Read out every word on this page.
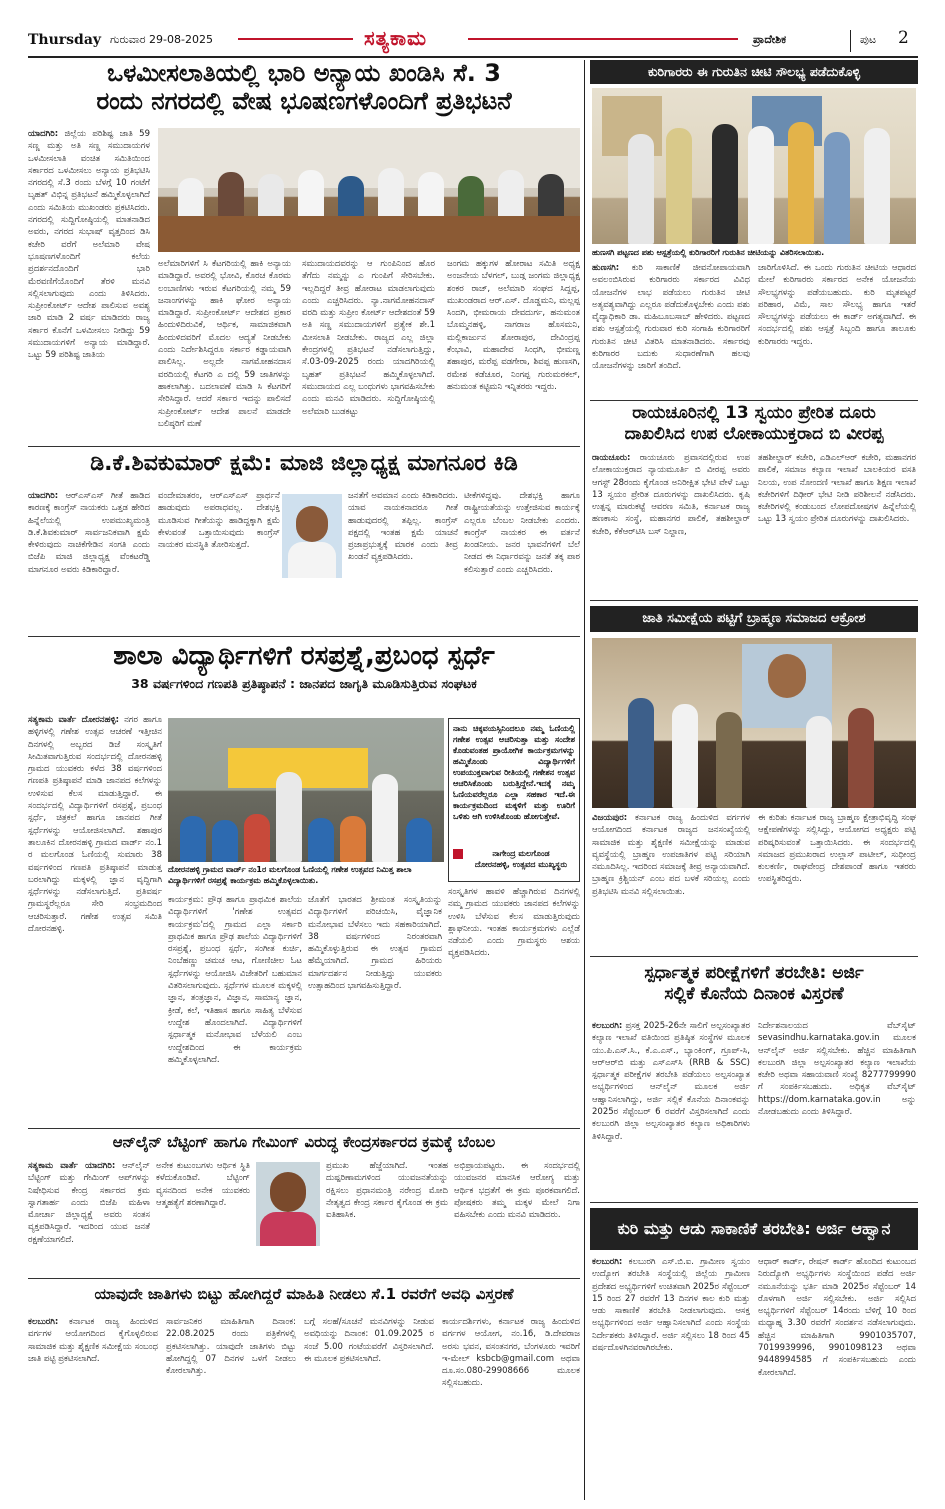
Thursday ಗುರುವಾರ 29-08-2025	ಸತ್ಯಕಾಮ	ಪ್ರಾದೇಶಿಕ	ಪುಟ 2
ಒಳಮೀಸಲಾತಿಯಲ್ಲಿ ಭಾರಿ ಅನ್ಯಾಯ ಖಂಡಿಸಿ ಸೆ. 3
ರಂದು ನಗರದಲ್ಲಿ ವೇಷ ಭೂಷಣಗಳೊಂದಿಗೆ ಪ್ರತಿಭಟನೆ
ಯಾದಗಿರಿ: ಜಿಲ್ಲೆಯ ಪರಿಶಿಷ್ಟ ಜಾತಿ 59 ಸಣ್ಣ ಮತ್ತು ಅತಿ ಸಣ್ಣ ಸಮುದಾಯಗಳ ಒಳಮೀಸಲಾತಿ ವಂಚಿತ ಸಮಿತಿಯಿಂದ ಸರ್ಕಾರದ ಒಳಮೀಸಲು ಅನ್ಯಾಯ ಪ್ರತಿಭಟಿಸಿ ನಗರದಲ್ಲಿ ಸೆ.3 ರಂದು ಬೆಳಗ್ಗೆ 10 ಗಂಟೆಗೆ ಬೃಹತ್ ವಿಭಿನ್ನ ಪ್ರತಿಭಟನೆ ಹಮ್ಮಿಕೊಳ್ಳಲಾಗಿದೆ ಎಂದು ಸಮಿತಿಯ ಮುಖಂಡರು ಪ್ರಕಟಿಸಿದರು. ನಗರದಲ್ಲಿ ಸುದ್ದಿಗೋಷ್ಠಿಯಲ್ಲಿ ಮಾತನಾಡಿದ ಅವರು, ನಗರದ ಸುಭಾಷ್ ವೃತ್ತದಿಂದ ಡಿಸಿ ಕಚೇರಿ ವರೆಗೆ ಅಲೆಮಾರಿ ವೇಷ ಭೂಷಣಗಳೊಂದಿಗೆ ಕಲೆಯ ಪ್ರದರ್ಶನದೊಂದಿಗೆ ಭಾರಿ ಮೆರವಣಿಗೆಯೊಂದಿಗೆ ತೆರಳಿ ಮನವಿ ಸಲ್ಲಿಸಲಾಗುವುದು ಎಂದು ತಿಳಿಸಿದರು. ಸುಪ್ರೀಂಕೋರ್ಟ್ ಆದೇಶ ಪಾಲಿಸುವ ಅವಶ್ಯ ಜಾರಿ ಮಾಡಿ 2 ವರ್ಷ ಮಾಡಿದರು ರಾಜ್ಯ ಸರ್ಕಾರ ಕೊನೆಗೆ ಒಳಮೀಸಲು ನೀಡಿದ್ದು 59 ಸಮುದಾಯಗಳಿಗೆ ಅನ್ಯಾಯ ಮಾಡಿದ್ದಾರೆ. ಒಟ್ಟು 59 ಪರಿಶಿಷ್ಟ ಜಾತಿಯ
ಅಲೆಮಾರಿಗಳಿಗೆ ಸಿ ಕೆಟಗರಿಯಲ್ಲಿ ಹಾಕಿ ಅನ್ಯಾಯ ಮಾಡಿದ್ದಾರೆ. ಅವರಲ್ಲಿ ಭೋವಿ, ಕೊರಚ ಕೊರಮ ಲಂಬಾಣಿಗಳು ಇರುವ ಕೆಟಗರಿಯಲ್ಲಿ ನಮ್ಮ 59 ಜನಾಂಗಗಳನ್ನು ಹಾಕಿ ಘೋರ ಅನ್ಯಾಯ ಮಾಡಿದ್ದಾರೆ. ಸುಪ್ರೀಂಕೋರ್ಟ್ ಆದೇಶದ ಪ್ರಕಾರ ಹಿಂದುಳಿದಿರುವಿಕೆ, ಆರ್ಥಿಕ, ಸಾಮಾಜಿಕವಾಗಿ ಹಿಂದುಳಿದವರಿಗೆ ಮೊದಲ ಆದ್ಯತೆ ನೀಡಬೇಕು ಎಂದು ನಿರ್ದೇಶಿಸಿದ್ದರೂ ಸರ್ಕಾರ ಕಡ್ಡಾಯವಾಗಿ ಪಾಲಿಸಿಲ್ಲ. ಅಲ್ಲದೇ ನಾಗಮೋಹನದಾಸ ವರದಿಯಲ್ಲಿ ಕೆಟಗರಿ ಎ ದಲ್ಲಿ 59 ಜಾತಿಗಳನ್ನು ಹಾಕಲಾಗಿತ್ತು. ಬದಲಾವಣೆ ಮಾಡಿ ಸಿ ಕೆಟಗರಿಗೆ ಸೇರಿಸಿದ್ದಾರೆ. ಆದರೆ ಸರ್ಕಾರ ಇದನ್ನು ಪಾಲಿಸದೆ ಸುಪ್ರೀಂಕೋರ್ಟ್ ಆದೇಶ ಪಾಲನೆ ಮಾಡದೇ ಬಲಿಷ್ಠರಿಗೆ ಮಣೆ
ಸಮುದಾಯದವರನ್ನು ಆ ಗುಂಪಿನಿಂದ ಹೊರ ತೆಗೆದು ನಮ್ಮನ್ನು ಎ ಗುಂಪಿಗೆ ಸೇರಿಸಬೇಕು. ಇಲ್ಲದಿದ್ದರೆ ತೀವ್ರ ಹೋರಾಟ ಮಾಡಲಾಗುವುದು ಎಂದು ಎಚ್ಚರಿಸಿದರು. ನ್ಯಾ.ನಾಗಮೋಹನದಾಸ್ ವರದಿ ಮತ್ತು ಸುಪ್ರೀಂ ಕೋರ್ಟ್ ಆದೇಶದಂತೆ 59 ಅತಿ ಸಣ್ಣ ಸಮುದಾಯಗಳಿಗೆ ಪ್ರತ್ಯೇಕ ಶೇ.1 ಮೀಸಲಾತಿ ನೀಡಬೇಕು. ರಾಜ್ಯದ ಎಲ್ಲ ಜಿಲ್ಲಾ ಕೇಂದ್ರಗಳಲ್ಲಿ ಪ್ರತಿಭಟನೆ ನಡೆಸಲಾಗುತ್ತಿದ್ದು, ಸೆ.03-09-2025 ರಂದು ಯಾದಗಿರಿಯಲ್ಲಿ ಬೃಹತ್ ಪ್ರತಿಭಟನೆ ಹಮ್ಮಿಕೊಳ್ಳಲಾಗಿದೆ. ಸಮುದಾಯದ ಎಲ್ಲ ಬಂಧುಗಳು ಭಾಗವಹಿಸಬೇಕು ಎಂದು ಮನವಿ ಮಾಡಿದರು. ಸುದ್ದಿಗೋಷ್ಠಿಯಲ್ಲಿ ಅಲೆಮಾರಿ ಬುಡಕಟ್ಟು
ಜಂಗಮ ಹಕ್ಕುಗಳ ಹೋರಾಟ ಸಮಿತಿ ಅಧ್ಯಕ್ಷ ಅಂಜನೇಯ ಬೆಳಗಲ್, ಬುಡ್ಗ ಜಂಗಮ ಜಿಲ್ಲಾಧ್ಯಕ್ಷ ಶಂಕರ ರಾಜ್, ಅಲೆಮಾರಿ ಸಂಘದ ಸಿದ್ದಪ್ಪ, ಮುಖಂಡರಾದ ಆರ್.ಎಸ್. ದೊಡ್ಡಮನಿ, ಮಲ್ಲಪ್ಪ ಸಿಂದಗಿ, ಭೀಮರಾಯ ದೇವದುರ್ಗ, ಹನುಮಂತ ಬೊಮ್ಮನಹಳ್ಳಿ, ನಾಗರಾಜ ಹೊಸಮನಿ, ಮಲ್ಲಿಕಾರ್ಜುನ ಶೋರಾಪುರ, ದೇವಿಂದ್ರಪ್ಪ ಕೆಂಭಾವಿ, ಮಹಾದೇವ ಸಿಂಧಗಿ, ಭೀಮಣ್ಣ ಶಹಾಪುರ, ಮರೆಪ್ಪ ವಡಗೇರಾ, ಶಿವಪ್ಪ ಹುಣಸಗಿ, ರಮೇಶ ಕಡೆಚೂರ, ನಿಂಗಪ್ಪ ಗುರುಮಠಕಲ್, ಹನುಮಂತ ಕಟ್ಟಿಮನಿ ಇನ್ನಿತರರು ಇದ್ದರು.
ಕುರಿಗಾರರು ಈ ಗುರುತಿನ ಚೀಟಿ ಸೌಲಭ್ಯ ಪಡೆದುಕೊಳ್ಳಿ
ಹುಣಸಗಿ ಪಟ್ಟಣದ ಪಶು ಆಸ್ಪತ್ರೆಯಲ್ಲಿ ಕುರಿಗಾರರಿಗೆ ಗುರುತಿನ ಚೀಟಿಯನ್ನು ವಿತರಿಸಲಾಯಿತು.
ಹುಣಸಗಿ: ಕುರಿ ಸಾಕಾಣಿಕೆ ಜೀವನೋಪಾಯವಾಗಿ ಅವಲಂಬಿಸಿರುವ ಕುರಿಗಾರರು ಸರ್ಕಾರದ ವಿವಿಧ ಯೋಜನೆಗಳ ಲಾಭ ಪಡೆಯಲು ಗುರುತಿನ ಚೀಟಿ ಅತ್ಯವಶ್ಯವಾಗಿದ್ದು ಎಲ್ಲರೂ ಪಡೆದುಕೊಳ್ಳಬೇಕು ಎಂದು ಪಶು ವೈದ್ಯಾಧಿಕಾರಿ ಡಾ. ಮಹಿಬೂಬಸಾಬ್ ಹೇಳಿದರು. ಪಟ್ಟಣದ ಪಶು ಆಸ್ಪತ್ರೆಯಲ್ಲಿ ಗುರುವಾರ ಕುರಿ ಸಂಗಾಹಿ ಕುರಿಗಾರರಿಗೆ ಗುರುತಿನ ಚೀಟಿ ವಿತರಿಸಿ ಮಾತನಾಡಿದರು. ಸರ್ಕಾರವು ಕುರಿಗಾರರ ಬದುಕು ಸುಧಾರಣೆಗಾಗಿ ಹಲವು ಯೋಜನೆಗಳನ್ನು ಜಾರಿಗೆ ತಂದಿದೆ.
ಜಾರಿಗೊಳಿಸಿದೆ. ಈ ಒಂದು ಗುರುತಿನ ಚೀಟಿಯ ಆಧಾರದ ಮೇಲೆ ಕುರಿಗಾರರು ಸರ್ಕಾರದ ಅನೇಕ ಯೋಜನೆಯ ಸೌಲಭ್ಯಗಳನ್ನು ಪಡೆಯಬಹುದು. ಕುರಿ ಮೃತಪಟ್ಟರೆ ಪರಿಹಾರ, ವಿಮೆ, ಸಾಲ ಸೌಲಭ್ಯ ಹಾಗೂ ಇತರೆ ಸೌಲಭ್ಯಗಳನ್ನು ಪಡೆಯಲು ಈ ಕಾರ್ಡ್ ಅಗತ್ಯವಾಗಿದೆ. ಈ ಸಂದರ್ಭದಲ್ಲಿ ಪಶು ಆಸ್ಪತ್ರೆ ಸಿಬ್ಬಂದಿ ಹಾಗೂ ತಾಲೂಕು ಕುರಿಗಾರರು ಇದ್ದರು.
ರಾಯಚೂರಿನಲ್ಲಿ 13 ಸ್ವಯಂ ಪ್ರೇರಿತ ದೂರು
ದಾಖಲಿಸಿದ ಉಪ ಲೋಕಾಯುಕ್ತರಾದ ಬಿ ವೀರಪ್ಪ
ರಾಯಚೂರು: ರಾಯಚೂರು ಪ್ರವಾಸದಲ್ಲಿರುವ ಉಪ ಲೋಕಾಯುಕ್ತರಾದ ನ್ಯಾಯಮೂರ್ತಿ ಬಿ ವೀರಪ್ಪ ಅವರು ಆಗಸ್ಟ್ 28ರಂದು ಕೈಗೊಂಡ ಅನಿರೀಕ್ಷಿತ ಭೇಟಿ ವೇಳೆ ಒಟ್ಟು 13 ಸ್ವಯಂ ಪ್ರೇರಿತ ದೂರುಗಳನ್ನು ದಾಖಲಿಸಿದರು. ಕೃಷಿ ಉತ್ಪನ್ನ ಮಾರುಕಟ್ಟೆ ಆವರಣ ಸಮಿತಿ, ಕರ್ನಾಟಕ ರಾಜ್ಯ ಹಣಕಾಸು ಸಂಸ್ಥೆ, ಮಹಾನಗರ ಪಾಲಿಕೆ, ತಹಶೀಲ್ದಾರ್ ಕಚೇರಿ, ಕೆಕೆಆರ್‌ಟಿಸಿ ಬಸ್ ನಿಲ್ದಾಣ,
ತಹಶೀಲ್ದಾರ್ ಕಚೇರಿ, ಎಡಿಎಲ್‌ಆರ್ ಕಚೇರಿ, ಮಹಾನಗರ ಪಾಲಿಕೆ, ಸಮಾಜ ಕಲ್ಯಾಣ ಇಲಾಖೆ ಬಾಲಕಿಯರ ವಸತಿ ನಿಲಯ, ಉಪ ನೋಂದಣಿ ಇಲಾಖೆ ಹಾಗೂ ಶಿಕ್ಷಣ ಇಲಾಖೆ ಕಚೇರಿಗಳಿಗೆ ದಿಢೀರ್ ಭೇಟಿ ನೀಡಿ ಪರಿಶೀಲನೆ ನಡೆಸಿದರು. ಕಚೇರಿಗಳಲ್ಲಿ ಕಂಡುಬಂದ ಲೋಪದೋಷಗಳ ಹಿನ್ನೆಲೆಯಲ್ಲಿ ಒಟ್ಟು 13 ಸ್ವಯಂ ಪ್ರೇರಿತ ದೂರುಗಳನ್ನು ದಾಖಲಿಸಿದರು.
ಡಿ.ಕೆ.ಶಿವಕುಮಾರ್ ಕ್ಷಮೆ: ಮಾಜಿ ಜಿಲ್ಲಾಧ್ಯಕ್ಷ ಮಾಗನೂರ ಕಿಡಿ
ಯಾದಗಿರಿ: ಆರ್‌ಎಸ್‌ಎಸ್ ಗೀತೆ ಹಾಡಿದ ಕಾರಣಕ್ಕೆ ಕಾಂಗ್ರೆಸ್ ನಾಯಕರು ಒತ್ತಡ ಹೇರಿದ ಹಿನ್ನೆಲೆಯಲ್ಲಿ ಉಪಮುಖ್ಯಮಂತ್ರಿ ಡಿ.ಕೆ.ಶಿವಕುಮಾರ್ ಸಾರ್ವಜನಿಕವಾಗಿ ಕ್ಷಮೆ ಕೇಳಿರುವುದು ನಾಚಿಕೆಗೇಡಿನ ಸಂಗತಿ ಎಂದು ಬಿಜೆಪಿ ಮಾಜಿ ಜಿಲ್ಲಾಧ್ಯಕ್ಷ ವೆಂಕಟರೆಡ್ಡಿ ಮಾಗನೂರ ಅವರು ಕಿಡಿಕಾರಿದ್ದಾರೆ.
ವಂದೇಮಾತರಂ, ಆರ್‌ಎಸ್‌ಎಸ್ ಪ್ರಾರ್ಥನೆ ಹಾಡುವುದು ಅಪರಾಧವಲ್ಲ. ದೇಶಭಕ್ತಿ ಮೂಡಿಸುವ ಗೀತೆಯನ್ನು ಹಾಡಿದ್ದಕ್ಕಾಗಿ ಕ್ಷಮೆ ಕೇಳುವಂತೆ ಒತ್ತಾಯಿಸುವುದು ಕಾಂಗ್ರೆಸ್ ನಾಯಕರ ಮನಸ್ಥಿತಿ ತೋರಿಸುತ್ತದೆ.
ಜನತೆಗೆ ಅವಮಾನ ಎಂದು ಕಿಡಿಕಾರಿದರು. ಯಾವ ನಾಯಕನಾದರೂ ಗೀತೆ ಹಾಡುವುದರಲ್ಲಿ ತಪ್ಪಿಲ್ಲ. ಕಾಂಗ್ರೆಸ್ ಪಕ್ಷದಲ್ಲಿ ಇಂತಹ ಕ್ಷಮೆ ಯಾಚನೆ ಪ್ರಜಾಪ್ರಭುತ್ವಕ್ಕೆ ಮಾರಕ ಎಂದು ತೀವ್ರ ಖಂಡನೆ ವ್ಯಕ್ತಪಡಿಸಿದರು.
ಟೀಕೆಗಳಿದ್ದವು. ದೇಶಭಕ್ತಿ ಹಾಗೂ ರಾಷ್ಟ್ರೀಯತೆಯನ್ನು ಉತ್ತೇಜಿಸುವ ಕಾರ್ಯಕ್ಕೆ ಎಲ್ಲರೂ ಬೆಂಬಲ ನೀಡಬೇಕು ಎಂದರು. ಕಾಂಗ್ರೆಸ್ ನಾಯಕರ ಈ ವರ್ತನೆ ಖಂಡನೀಯ. ಜನರ ಭಾವನೆಗಳಿಗೆ ಬೆಲೆ ನೀಡದ ಈ ನಿರ್ಧಾರವನ್ನು ಜನತೆ ತಕ್ಕ ಪಾಠ ಕಲಿಸುತ್ತಾರೆ ಎಂದು ಎಚ್ಚರಿಸಿದರು.
ಜಾತಿ ಸಮೀಕ್ಷೆಯ ಪಟ್ಟಿಗೆ ಬ್ರಾಹ್ಮಣ ಸಮಾಜದ ಆಕ್ರೋಶ
ವಿಜಯಪುರ: ಕರ್ನಾಟಕ ರಾಜ್ಯ ಹಿಂದುಳಿದ ವರ್ಗಗಳ ಆಯೋಗದಿಂದ ಕರ್ನಾಟಕ ರಾಜ್ಯದ ಜನಸಂಖ್ಯೆಯಲ್ಲಿ ಸಾಮಾಜಿಕ ಮತ್ತು ಶೈಕ್ಷಣಿಕ ಸಮೀಕ್ಷೆಯನ್ನು ಮಾಡುವ ವ್ಯವಸ್ಥೆಯಲ್ಲಿ ಬ್ರಾಹ್ಮಣ ಉಪಜಾತಿಗಳ ಪಟ್ಟಿ ಸರಿಯಾಗಿ ನಮೂದಿಸಿಲ್ಲ. ಇದರಿಂದ ಸಮಾಜಕ್ಕೆ ತೀವ್ರ ಅನ್ಯಾಯವಾಗಿದೆ. ಬ್ರಾಹ್ಮಣ ಕ್ರಿಶ್ಚಿಯನ್ ಎಂಬ ಪದ ಬಳಕೆ ಸರಿಯಲ್ಲ ಎಂದು ಪ್ರತಿಭಟಿಸಿ ಮನವಿ ಸಲ್ಲಿಸಲಾಯಿತು.
ಈ ಕುರಿತು ಕರ್ನಾಟಕ ರಾಜ್ಯ ಬ್ರಾಹ್ಮಣ ಕ್ಷೇತ್ರಾಭಿವೃದ್ಧಿ ಸಂಘ ಆಕ್ಷೇಪಣೆಗಳನ್ನು ಸಲ್ಲಿಸಿದ್ದು, ಆಯೋಗದ ಅಧ್ಯಕ್ಷರು ಪಟ್ಟಿ ಪರಿಷ್ಕರಿಸುವಂತೆ ಒತ್ತಾಯಿಸಿದರು. ಈ ಸಂದರ್ಭದಲ್ಲಿ ಸಮಾಜದ ಪ್ರಮುಖರಾದ ಉಲ್ಲಾಸ್ ಪಾಟೀಲ್, ಸುಧೀಂದ್ರ ಕುಲಕರ್ಣಿ, ರಾಘವೇಂದ್ರ ದೇಶಪಾಂಡೆ ಹಾಗೂ ಇತರರು ಉಪಸ್ಥಿತರಿದ್ದರು.
ಶಾಲಾ ವಿದ್ಯಾರ್ಥಿಗಳಿಗೆ ರಸಪ್ರಶ್ನೆ,ಪ್ರಬಂಧ ಸ್ಪರ್ಧೆ
38 ವರ್ಷಗಳಿಂದ ಗಣಪತಿ ಪ್ರತಿಷ್ಠಾಪನೆ : ಜಾನಪದ ಜಾಗೃತಿ ಮೂಡಿಸುತ್ತಿರುವ ಸಂಘಟಕ
ಸತ್ಯಕಾಮ ವಾರ್ತೆ ದೋರನಹಳ್ಳಿ: ನಗರ ಹಾಗೂ ಹಳ್ಳಿಗಳಲ್ಲಿ ಗಣೇಶ ಉತ್ಸವ ಆಚರಣೆ ಇತ್ತೀಚಿನ ದಿನಗಳಲ್ಲಿ ಅಬ್ಬರದ ಡಿಜೆ ಸಂಸ್ಕೃತಿಗೆ ಸೀಮಿತವಾಗುತ್ತಿರುವ ಸಂದರ್ಭದಲ್ಲಿ ದೋರನಹಳ್ಳಿ ಗ್ರಾಮದ ಯುವಕರು ಕಳೆದ 38 ವರ್ಷಗಳಿಂದ ಗಣಪತಿ ಪ್ರತಿಷ್ಠಾಪನೆ ಮಾಡಿ ಜಾನಪದ ಕಲೆಗಳನ್ನು ಉಳಿಸುವ ಕೆಲಸ ಮಾಡುತ್ತಿದ್ದಾರೆ. ಈ ಸಂದರ್ಭದಲ್ಲಿ ವಿದ್ಯಾರ್ಥಿಗಳಿಗೆ ರಸಪ್ರಶ್ನೆ, ಪ್ರಬಂಧ ಸ್ಪರ್ಧೆ, ಚಿತ್ರಕಲೆ ಹಾಗೂ ಜಾನಪದ ಗೀತೆ ಸ್ಪರ್ಧೆಗಳನ್ನು ಆಯೋಜಿಸಲಾಗಿದೆ. ಶಹಾಪುರ ತಾಲೂಕಿನ ದೋರನಹಳ್ಳಿ ಗ್ರಾಮದ ವಾರ್ಡ್ ನಂ.1 ರ ಮಲಗೊಂಡ ಓಣಿಯಲ್ಲಿ ಸುಮಾರು 38 ವರ್ಷಗಳಿಂದ ಗಣಪತಿ ಪ್ರತಿಷ್ಠಾಪನೆ ಮಾಡುತ್ತ ಬರಲಾಗಿದ್ದು ಮಕ್ಕಳಲ್ಲಿ ಜ್ಞಾನ ವೃದ್ಧಿಗಾಗಿ ಸ್ಪರ್ಧೆಗಳನ್ನು ನಡೆಸಲಾಗುತ್ತಿದೆ. ಪ್ರತಿವರ್ಷ ಗ್ರಾಮಸ್ಥರೆಲ್ಲರೂ ಸೇರಿ ಸಂಭ್ರಮದಿಂದ ಆಚರಿಸುತ್ತಾರೆ. ಗಣೇಶ ಉತ್ಸವ ಸಮಿತಿ ದೋರನಹಳ್ಳಿ.
ದೋರನಹಳ್ಳಿ ಗ್ರಾಮದ ವಾರ್ಡ್ ನಂ1ರ ಮಲಗೊಂಡ ಓಣಿಯಲ್ಲಿ ಗಣೇಶ ಉತ್ಸವದ ನಿಮಿತ್ತ ಶಾಲಾ ವಿದ್ಯಾರ್ಥಿಗಳಿಗೆ ರಸಪ್ರಶ್ನೆ ಕಾರ್ಯಕ್ರಮ ಹಮ್ಮಿಕೊಳ್ಳಲಾಯಿತು.
ನಾನು ಚಿಕ್ಕವಯಸ್ಸಿನಿಂದಲೂ ನಮ್ಮ ಓಣಿಯಲ್ಲಿ ಗಣೇಶ ಉತ್ಸವ ಆಚರಿಸುತ್ತಾ ಮತ್ತು ಸಂದೇಶ ಕೊಡುವಂತಹ ಪ್ರಾಯೋಗಿಕ ಕಾರ್ಯಕ್ರಮಗಳನ್ನು ಹಮ್ಮಿಕೊಂಡು ವಿದ್ಯಾರ್ಥಿಗಳಿಗೆ ಉಪಯುಕ್ತವಾಗುವ ರೀತಿಯಲ್ಲಿ ಗಣೇಶನ ಉತ್ಸವ ಆಚರಿಸಿಕೊಂಡು ಬರುತ್ತಿದ್ದೇನೆ.ಇದಕ್ಕೆ ನಮ್ಮ ಓಣಿಯವರೆಲ್ಲರೂ ಎಲ್ಲಾ ಸಹಕಾರ ಇದೆ.ಈ ಕಾರ್ಯಕ್ರಮದಿಂದ ಮಕ್ಕಳಿಗೆ ಮತ್ತು ಊರಿಗೆ ಒಳಿತು ಆಗಿ ಉಳಿಸಿಕೊಂಡು ಹೋಗುತ್ತೇವೆ.
ನಾಗೇಂದ್ರ ಮಲಗೊಂಡ
ದೋರನಹಳ್ಳಿ, ಉತ್ಸವದ ಮುಖ್ಯಸ್ಥರು
ಕಾರ್ಯಕ್ರಮ: ಪ್ರೌಢ ಹಾಗೂ ಪ್ರಾಥಮಿಕ ಶಾಲೆಯ ವಿದ್ಯಾರ್ಥಿಗಳಿಗೆ 'ಗಣೇಶ ಉತ್ಸವದ ಕಾರ್ಯಕ್ರಮ'ದಲ್ಲಿ ಗ್ರಾಮದ ಎಲ್ಲಾ ಸರ್ಕಾರಿ ಪ್ರಾಥಮಿಕ ಹಾಗೂ ಪ್ರೌಢ ಶಾಲೆಯ ವಿದ್ಯಾರ್ಥಿಗಳಿಗೆ ರಸಪ್ರಶ್ನೆ, ಪ್ರಬಂಧ ಸ್ಪರ್ಧೆ, ಸಂಗೀತ ಕುರ್ಚಿ, ನಿಂಬೆಹಣ್ಣು ಚಮಚ ಆಟ, ಗೋಣಿಚೀಲ ಓಟ ಸ್ಪರ್ಧೆಗಳನ್ನು ಆಯೋಜಿಸಿ ವಿಜೇತರಿಗೆ ಬಹುಮಾನ ವಿತರಿಸಲಾಗುವುದು. ಸ್ಪರ್ಧೆಗಳ ಮೂಲಕ ಮಕ್ಕಳಲ್ಲಿ ಜ್ಞಾನ, ತಂತ್ರಜ್ಞಾನ, ವಿಜ್ಞಾನ, ಸಾಮಾನ್ಯ ಜ್ಞಾನ, ಕ್ರೀಡೆ, ಕಲೆ, ಇತಿಹಾಸ ಹಾಗೂ ಸಾಹಿತ್ಯ ಬೆಳೆಸುವ ಉದ್ದೇಶ ಹೊಂದಲಾಗಿದೆ. ವಿದ್ಯಾರ್ಥಿಗಳಿಗೆ ಸ್ಪರ್ಧಾತ್ಮಕ ಮನೋಭಾವ ಬೆಳೆಯಲಿ ಎಂಬ ಉದ್ದೇಶದಿಂದ ಈ ಕಾರ್ಯಕ್ರಮ ಹಮ್ಮಿಕೊಳ್ಳಲಾಗಿದೆ.
ಜೊತೆಗೆ ಭಾರತದ ಶ್ರೀಮಂತ ಸಂಸ್ಕೃತಿಯನ್ನು ವಿದ್ಯಾರ್ಥಿಗಳಿಗೆ ಪರಿಚಯಿಸಿ, ವೈಜ್ಞಾನಿಕ ಮನೋಭಾವ ಬೆಳೆಸಲು ಇದು ಸಹಕಾರಿಯಾಗಿದೆ. 38 ವರ್ಷಗಳಿಂದ ನಿರಂತರವಾಗಿ ಹಮ್ಮಿಕೊಳ್ಳುತ್ತಿರುವ ಈ ಉತ್ಸವ ಗ್ರಾಮದ ಹೆಮ್ಮೆಯಾಗಿದೆ. ಗ್ರಾಮದ ಹಿರಿಯರು ಮಾರ್ಗದರ್ಶನ ನೀಡುತ್ತಿದ್ದು ಯುವಕರು ಉತ್ಸಾಹದಿಂದ ಭಾಗವಹಿಸುತ್ತಿದ್ದಾರೆ.
ಸಂಸ್ಕೃತಿಗಳ ಹಾವಳಿ ಹೆಚ್ಚಾಗಿರುವ ದಿನಗಳಲ್ಲಿ ನಮ್ಮ ಗ್ರಾಮದ ಯುವಕರು ಜಾನಪದ ಕಲೆಗಳನ್ನು ಉಳಿಸಿ ಬೆಳೆಸುವ ಕೆಲಸ ಮಾಡುತ್ತಿರುವುದು ಶ್ಲಾಘನೀಯ. ಇಂತಹ ಕಾರ್ಯಕ್ರಮಗಳು ಎಲ್ಲೆಡೆ ನಡೆಯಲಿ ಎಂದು ಗ್ರಾಮಸ್ಥರು ಆಶಯ ವ್ಯಕ್ತಪಡಿಸಿದರು.
ಸ್ಪರ್ಧಾತ್ಮಕ ಪರೀಕ್ಷೆಗಳಿಗೆ ತರಬೇತಿ: ಅರ್ಜಿ
ಸಲ್ಲಿಕೆ ಕೊನೆಯ ದಿನಾಂಕ ವಿಸ್ತರಣೆ
ಕಲಬುರಗಿ: ಪ್ರಸಕ್ತ 2025-26ನೇ ಸಾಲಿಗೆ ಅಲ್ಪಸಂಖ್ಯಾತರ ಕಲ್ಯಾಣ ಇಲಾಖೆ ವತಿಯಿಂದ ಪ್ರತಿಷ್ಠಿತ ಸಂಸ್ಥೆಗಳ ಮೂಲಕ ಯು.ಪಿ.ಎಸ್.ಸಿ., ಕೆ.ಎ.ಎಸ್., ಬ್ಯಾಂಕಿಂಗ್, ಗ್ರೂಪ್-ಸಿ, ಆರ್‌ಆರ್‌ಬಿ ಮತ್ತು ಎಸ್‌ಎಸ್‌ಸಿ (RRB & SSC) ಸ್ಪರ್ಧಾತ್ಮಕ ಪರೀಕ್ಷೆಗಳ ತರಬೇತಿ ಪಡೆಯಲು ಅಲ್ಪಸಂಖ್ಯಾತ ಅಭ್ಯರ್ಥಿಗಳಿಂದ ಆನ್‌ಲೈನ್ ಮೂಲಕ ಅರ್ಜಿ ಆಹ್ವಾನಿಸಲಾಗಿದ್ದು, ಅರ್ಜಿ ಸಲ್ಲಿಕೆ ಕೊನೆಯ ದಿನಾಂಕವನ್ನು 2025ರ ಸೆಪ್ಟೆಂಬರ್ 6 ರವರೆಗೆ ವಿಸ್ತರಿಸಲಾಗಿದೆ ಎಂದು ಕಲಬುರಗಿ ಜಿಲ್ಲಾ ಅಲ್ಪಸಂಖ್ಯಾತರ ಕಲ್ಯಾಣ ಅಧಿಕಾರಿಗಳು ತಿಳಿಸಿದ್ದಾರೆ.
ನಿರ್ದೇಶನಾಲಯದ ವೆಬ್‌ಸೈಟ್ sevasindhu.karnataka.gov.in ಮೂಲಕ ಆನ್‌ಲೈನ್ ಅರ್ಜಿ ಸಲ್ಲಿಸಬೇಕು. ಹೆಚ್ಚಿನ ಮಾಹಿತಿಗಾಗಿ ಕಲಬುರಗಿ ಜಿಲ್ಲಾ ಅಲ್ಪಸಂಖ್ಯಾತರ ಕಲ್ಯಾಣ ಇಲಾಖೆಯ ಕಚೇರಿ ಅಥವಾ ಸಹಾಯವಾಣಿ ಸಂಖ್ಯೆ 8277799990 ಗೆ ಸಂಪರ್ಕಿಸಬಹುದು. ಅಧಿಕೃತ ವೆಬ್‌ಸೈಟ್ https://dom.karnataka.gov.in ಅನ್ನು ನೋಡಬಹುದು ಎಂದು ತಿಳಿಸಿದ್ದಾರೆ.
ಆನ್‌ಲೈನ್ ಬೆಟ್ಟಿಂಗ್ ಹಾಗೂ ಗೇಮಿಂಗ್ ವಿರುದ್ಧ ಕೇಂದ್ರಸರ್ಕಾರದ ಕ್ರಮಕ್ಕೆ ಬೆಂಬಲ
ಸತ್ಯಕಾಮ ವಾರ್ತೆ ಯಾದಗಿರಿ: ಆನ್‌ಲೈನ್ ಬೆಟ್ಟಿಂಗ್ ಮತ್ತು ಗೇಮಿಂಗ್ ಆಪ್‌ಗಳನ್ನು ನಿಷೇಧಿಸುವ ಕೇಂದ್ರ ಸರ್ಕಾರದ ಕ್ರಮ ಸ್ವಾಗತಾರ್ಹ ಎಂದು ಬಿಜೆಪಿ ಮಹಿಳಾ ಮೋರ್ಚಾ ಜಿಲ್ಲಾಧ್ಯಕ್ಷೆ ಅವರು ಸಂತಸ ವ್ಯಕ್ತಪಡಿಸಿದ್ದಾರೆ. ಇದರಿಂದ ಯುವ ಜನತೆ ರಕ್ಷಣೆಯಾಗಲಿದೆ.
ಅನೇಕ ಕುಟುಂಬಗಳು ಆರ್ಥಿಕ ಸ್ಥಿತಿ ಕಳೆದುಕೊಂಡಿವೆ. ಬೆಟ್ಟಿಂಗ್ ವ್ಯಸನದಿಂದ ಅನೇಕ ಯುವಕರು ಆತ್ಮಹತ್ಯೆಗೆ ಶರಣಾಗಿದ್ದಾರೆ.
ಪ್ರಮುಖ ಹೆಜ್ಜೆಯಾಗಿದೆ. ಇಂತಹ ದುಷ್ಪರಿಣಾಮಗಳಿಂದ ಯುವಜನತೆಯನ್ನು ರಕ್ಷಿಸಲು ಪ್ರಧಾನಮಂತ್ರಿ ನರೇಂದ್ರ ಮೋದಿ ನೇತೃತ್ವದ ಕೇಂದ್ರ ಸರ್ಕಾರ ಕೈಗೊಂಡ ಈ ಕ್ರಮ ಐತಿಹಾಸಿಕ.
ಅಭಿಪ್ರಾಯಪಟ್ಟರು. ಈ ಸಂದರ್ಭದಲ್ಲಿ ಯುವಜನರ ಮಾನಸಿಕ ಆರೋಗ್ಯ ಮತ್ತು ಆರ್ಥಿಕ ಭದ್ರತೆಗೆ ಈ ಕ್ರಮ ಪೂರಕವಾಗಲಿದೆ. ಪೋಷಕರು ತಮ್ಮ ಮಕ್ಕಳ ಮೇಲೆ ನಿಗಾ ವಹಿಸಬೇಕು ಎಂದು ಮನವಿ ಮಾಡಿದರು.
ಕುರಿ ಮತ್ತು ಆಡು ಸಾಕಾಣಿಕೆ ತರಬೇತಿ: ಅರ್ಜಿ ಆಹ್ವಾನ
ಕಲಬುರಗಿ: ಕಲಬುರಗಿ ಎಸ್.ಬಿ.ಐ. ಗ್ರಾಮೀಣ ಸ್ವಯಂ ಉದ್ಯೋಗ ತರಬೇತಿ ಸಂಸ್ಥೆಯಲ್ಲಿ ಜಿಲ್ಲೆಯ ಗ್ರಾಮೀಣ ಪ್ರದೇಶದ ಅಭ್ಯರ್ಥಿಗಳಿಗೆ ಉಚಿತವಾಗಿ 2025ರ ಸೆಪ್ಟೆಂಬರ್ 15 ರಿಂದ 27 ರವರೆಗೆ 13 ದಿನಗಳ ಕಾಲ ಕುರಿ ಮತ್ತು ಆಡು ಸಾಕಾಣಿಕೆ ತರಬೇತಿ ನೀಡಲಾಗುವುದು. ಆಸಕ್ತ ಅಭ್ಯರ್ಥಿಗಳಿಂದ ಅರ್ಜಿ ಆಹ್ವಾನಿಸಲಾಗಿದೆ ಎಂದು ಸಂಸ್ಥೆಯ ನಿರ್ದೇಶಕರು ತಿಳಿಸಿದ್ದಾರೆ. ಅರ್ಜಿ ಸಲ್ಲಿಸಲು 18 ರಿಂದ 45 ವರ್ಷದೊಳಗಿನವರಾಗಿರಬೇಕು.
ಆಧಾರ್ ಕಾರ್ಡ್, ರೇಷನ್ ಕಾರ್ಡ್ ಹೊಂದಿದ ಕುಟುಂಬದ ನಿರುದ್ಯೋಗಿ ಅಭ್ಯರ್ಥಿಗಳು ಸಂಸ್ಥೆಯಿಂದ ಪಡೆದ ಅರ್ಜಿ ನಮೂನೆಯನ್ನು ಭರ್ತಿ ಮಾಡಿ 2025ರ ಸೆಪ್ಟೆಂಬರ್ 14 ರೊಳಗಾಗಿ ಅರ್ಜಿ ಸಲ್ಲಿಸಬೇಕು. ಅರ್ಜಿ ಸಲ್ಲಿಸಿದ ಅಭ್ಯರ್ಥಿಗಳಿಗೆ ಸೆಪ್ಟೆಂಬರ್ 14ರಂದು ಬೆಳಿಗ್ಗೆ 10 ರಿಂದ ಮಧ್ಯಾಹ್ನ 3.30 ರವರೆಗೆ ಸಂದರ್ಶನ ನಡೆಸಲಾಗುವುದು. ಹೆಚ್ಚಿನ ಮಾಹಿತಿಗಾಗಿ 9901035707, 7019939996, 9901098123 ಅಥವಾ 9448994585 ಗೆ ಸಂಪರ್ಕಿಸಬಹುದು ಎಂದು ಕೋರಲಾಗಿದೆ.
ಯಾವುದೇ ಜಾತಿಗಳು ಬಿಟ್ಟು ಹೋಗಿದ್ದರೆ ಮಾಹಿತಿ ನೀಡಲು ಸೆ.1 ರವರೆಗೆ ಅವಧಿ ವಿಸ್ತರಣೆ
ಕಲಬುರಗಿ: ಕರ್ನಾಟಕ ರಾಜ್ಯ ಹಿಂದುಳಿದ ವರ್ಗಗಳ ಆಯೋಗದಿಂದ ಕೈಗೊಳ್ಳಲಿರುವ ಸಾಮಾಜಿಕ ಮತ್ತು ಶೈಕ್ಷಣಿಕ ಸಮೀಕ್ಷೆಯ ಸಂಬಂಧ ಜಾತಿ ಪಟ್ಟಿ ಪ್ರಕಟಿಸಲಾಗಿದೆ.
ಸಾರ್ವಜನಿಕರ ಮಾಹಿತಿಗಾಗಿ ದಿನಾಂಕ: 22.08.2025 ರಂದು ಪತ್ರಿಕೆಗಳಲ್ಲಿ ಪ್ರಕಟಿಸಲಾಗಿತ್ತು. ಯಾವುದೇ ಜಾತಿಗಳು ಬಿಟ್ಟು ಹೋಗಿದ್ದಲ್ಲಿ 07 ದಿನಗಳ ಒಳಗೆ ನೀಡಲು ಕೋರಲಾಗಿತ್ತು.
ಬಗ್ಗೆ ಸಲಹೆ/ಸೂಚನೆ ಮನವಿಗಳನ್ನು ನೀಡುವ ಅವಧಿಯನ್ನು ದಿನಾಂಕ: 01.09.2025 ರ ಸಂಜೆ 5.00 ಗಂಟೆಯವರೆಗೆ ವಿಸ್ತರಿಸಲಾಗಿದೆ. ಈ ಮೂಲಕ ಪ್ರಕಟಿಸಲಾಗಿದೆ.
ಕಾರ್ಯದರ್ಶಿಗಳು, ಕರ್ನಾಟಕ ರಾಜ್ಯ ಹಿಂದುಳಿದ ವರ್ಗಗಳ ಆಯೋಗ, ನಂ.16, ಡಿ.ದೇವರಾಜ ಅರಸು ಭವನ, ವಸಂತನಗರ, ಬೆಂಗಳೂರು ಇವರಿಗೆ ಇ-ಮೇಲ್ ksbcb@gmail.com ಅಥವಾ ದೂ.ಸಂ.080-29908666 ಮೂಲಕ ಸಲ್ಲಿಸಬಹುದು.
